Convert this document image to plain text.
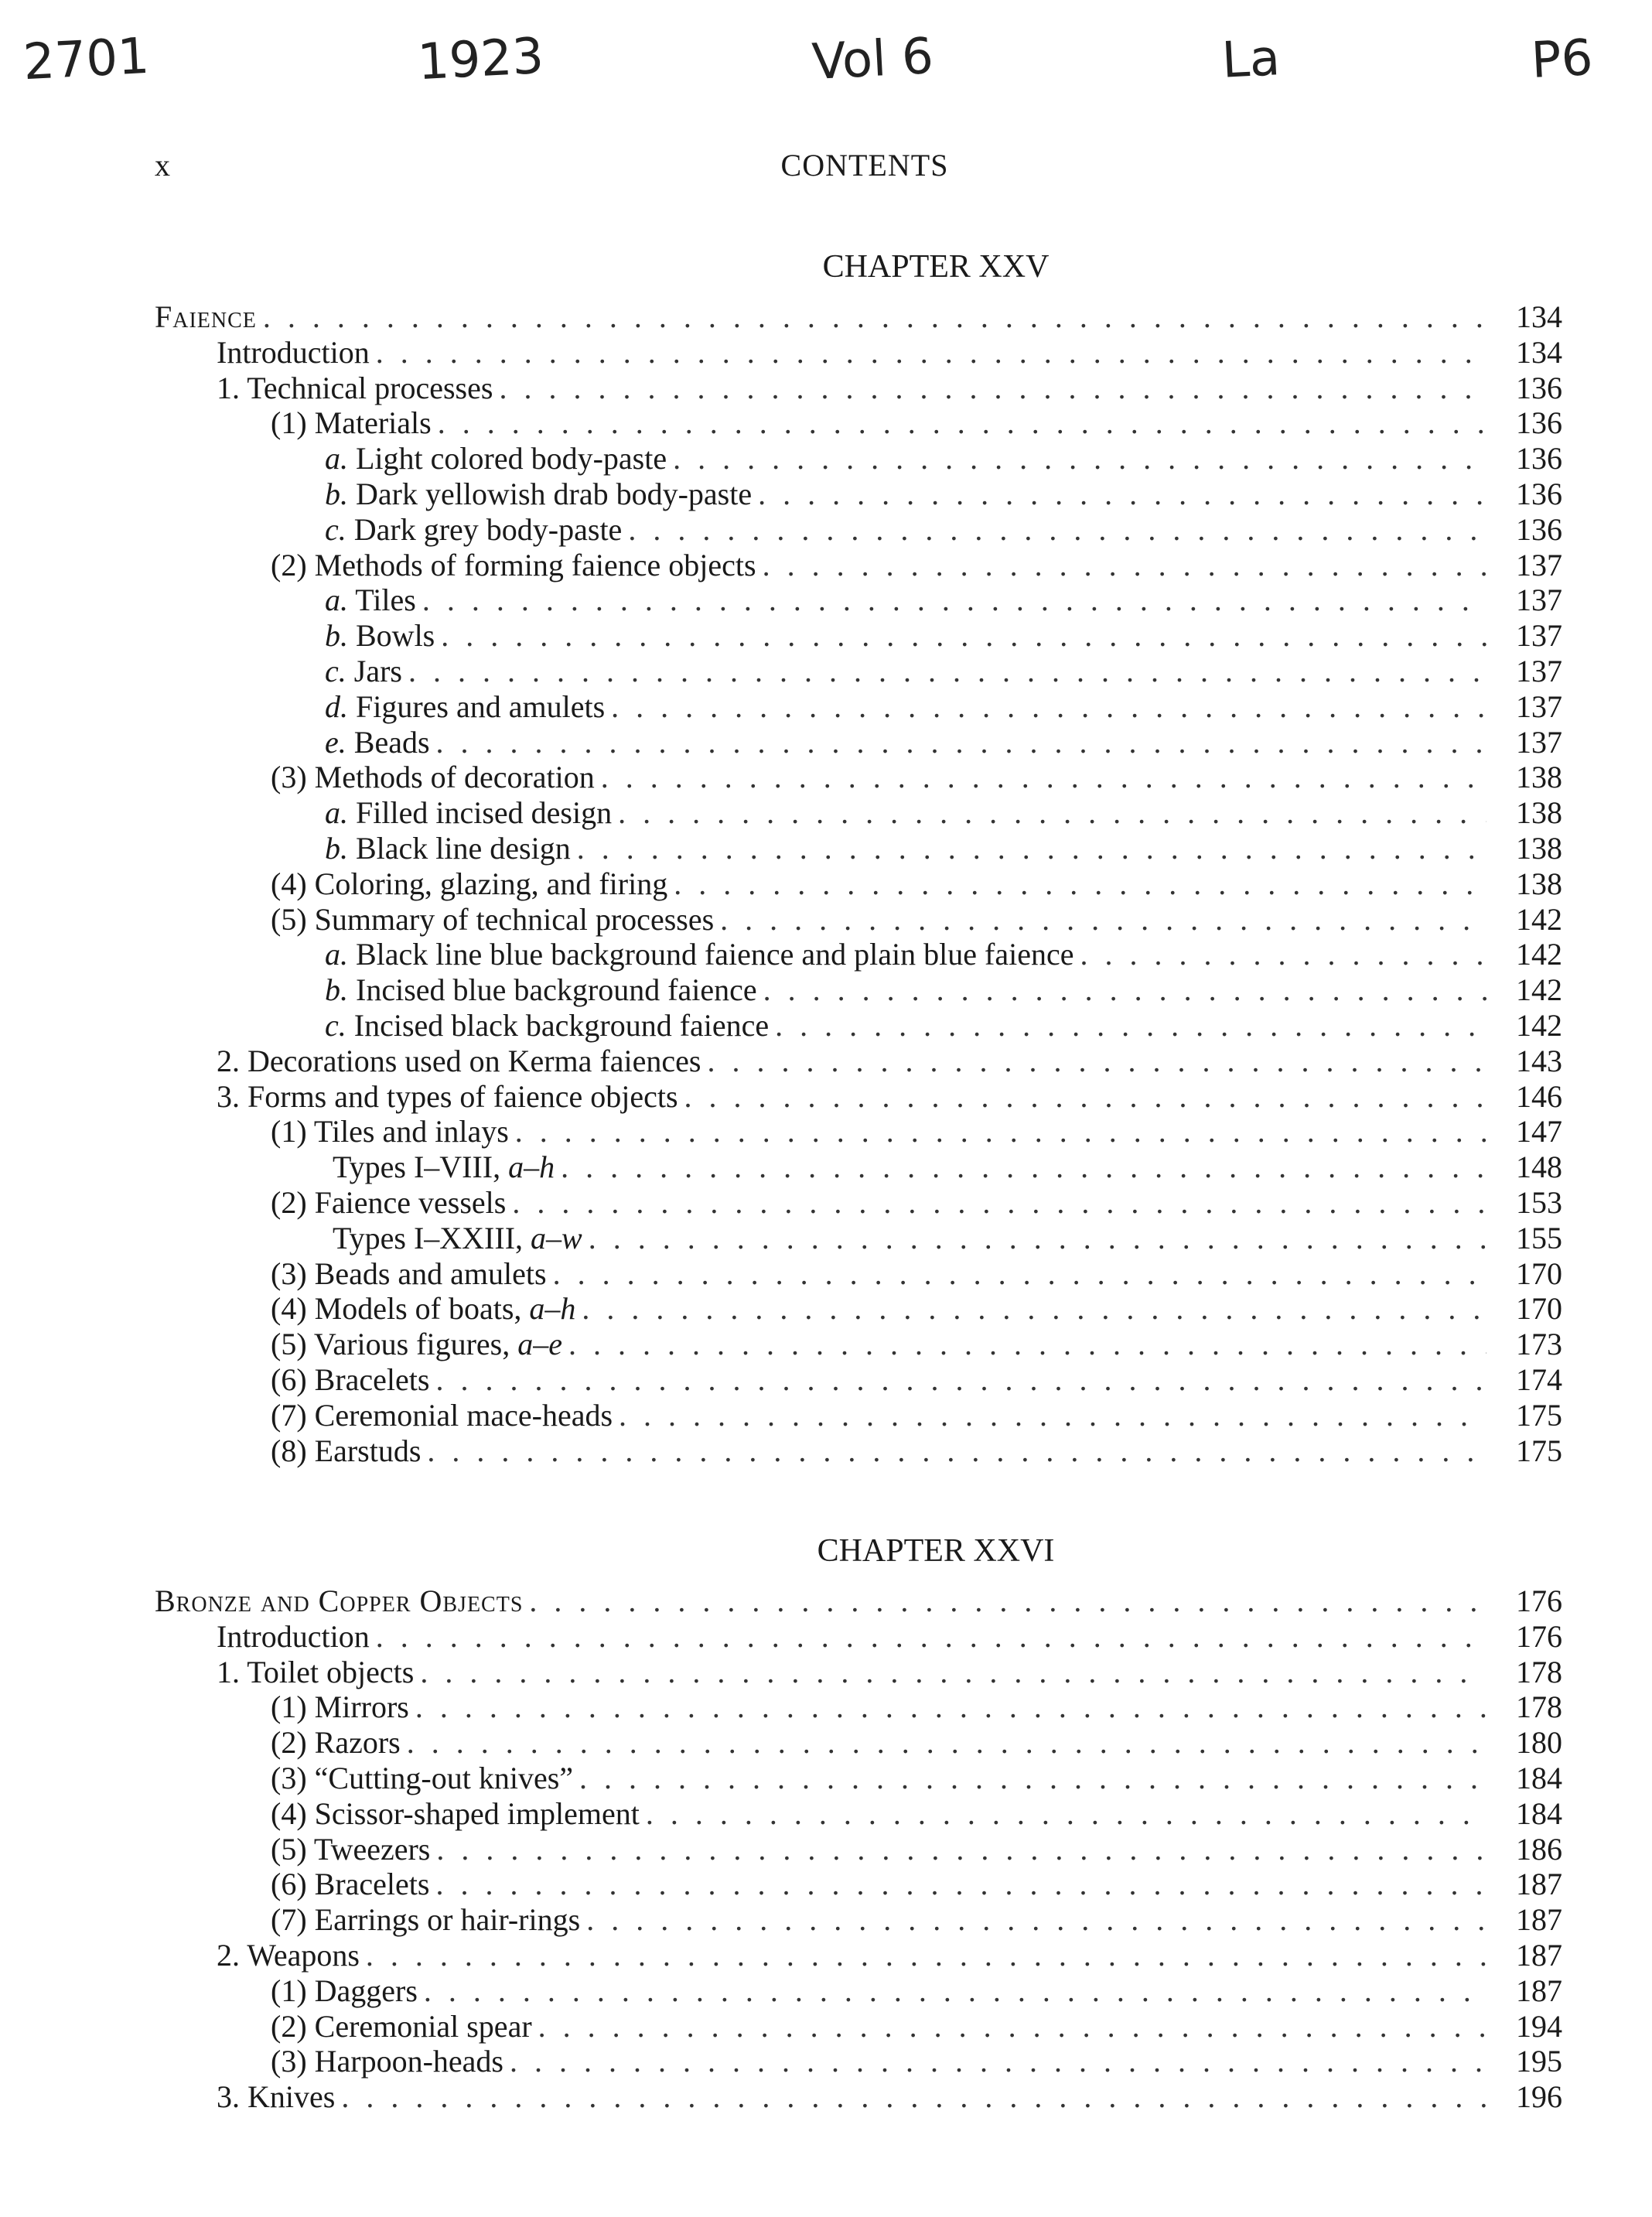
2701	1923	Vol 6	La	P6
x	CONTENTS
CHAPTER XXV
Faience . . .	134
Introduction . . .	134
1. Technical processes . . .	136
(1) Materials . . .	136
a. Light colored body-paste . . .	136
b. Dark yellowish drab body-paste . . .	136
c. Dark grey body-paste . . .	136
(2) Methods of forming faience objects . . .	137
a. Tiles . . .	137
b. Bowls . . .	137
c. Jars . . .	137
d. Figures and amulets . . .	137
e. Beads . . .	137
(3) Methods of decoration . . .	138
a. Filled incised design . . .	138
b. Black line design . . .	138
(4) Coloring, glazing, and firing . . .	138
(5) Summary of technical processes . . .	142
a. Black line blue background faience and plain blue faience . . .	142
b. Incised blue background faience . . .	142
c. Incised black background faience . . .	142
2. Decorations used on Kerma faiences . . .	143
3. Forms and types of faience objects . . .	146
(1) Tiles and inlays . . .	147
Types I–VIII, a–h . . .	148
(2) Faience vessels . . .	153
Types I–XXIII, a–w . . .	155
(3) Beads and amulets . . .	170
(4) Models of boats, a–h . . .	170
(5) Various figures, a–e . . .	173
(6) Bracelets . . .	174
(7) Ceremonial mace-heads . . .	175
(8) Earstuds . . .	175
CHAPTER XXVI
Bronze and Copper Objects . . .	176
Introduction . . .	176
1. Toilet objects . . .	178
(1) Mirrors . . .	178
(2) Razors . . .	180
(3) “Cutting-out knives” . . .	184
(4) Scissor-shaped implement . . .	184
(5) Tweezers . . .	186
(6) Bracelets . . .	187
(7) Earrings or hair-rings . . .	187
2. Weapons . . .	187
(1) Daggers . . .	187
(2) Ceremonial spear . . .	194
(3) Harpoon-heads . . .	195
3. Knives . . .	196
